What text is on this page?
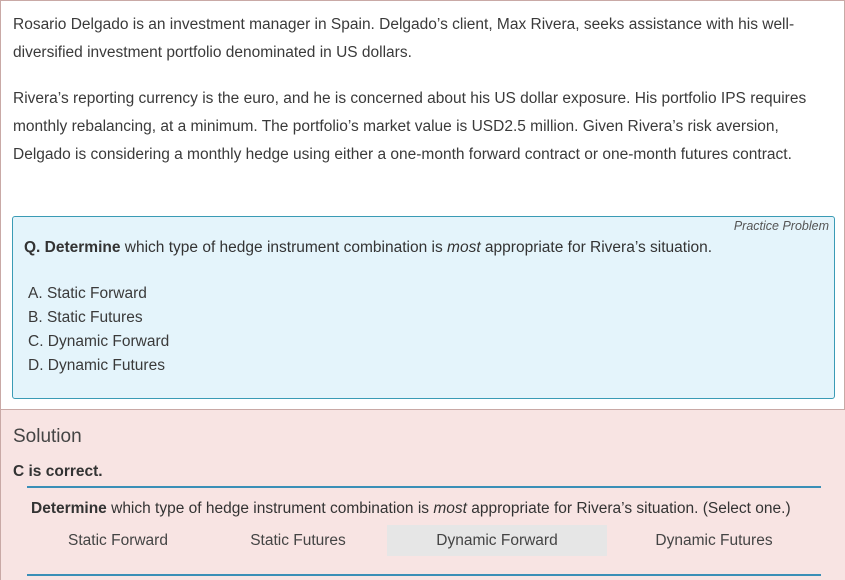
Rosario Delgado is an investment manager in Spain. Delgado’s client, Max Rivera, seeks assistance with his well-diversified investment portfolio denominated in US dollars.

Rivera’s reporting currency is the euro, and he is concerned about his US dollar exposure. His portfolio IPS requires monthly rebalancing, at a minimum. The portfolio’s market value is USD2.5 million. Given Rivera’s risk aversion, Delgado is considering a monthly hedge using either a one-month forward contract or one-month futures contract.

Practice Problem
Q. Determine which type of hedge instrument combination is most appropriate for Rivera’s situation.
A. Static Forward
B. Static Futures
C. Dynamic Forward
D. Dynamic Futures
Solution
C is correct.
Determine which type of hedge instrument combination is most appropriate for Rivera’s situation. (Select one.)
Static Forward	Static Futures	Dynamic Forward	Dynamic Futures
